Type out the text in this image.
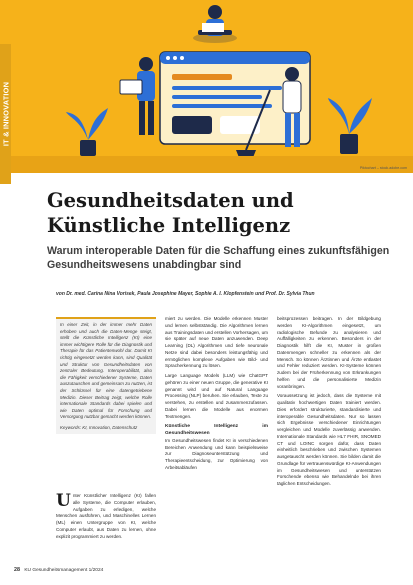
Piktochart – stock.adobe.com
IT & INNOVATION
Gesundheitsdaten und Künstliche Intelligenz
Warum interoperable Daten für die Schaffung eines zukunftsfähigen Gesundheitswesens unabdingbar sind
von Dr. med. Carina Nina Vorisek, Paula Josephine Mayer, Sophie A. I. Klopfenstein und Prof. Dr. Sylvia Thun

In einer Zeit, in der immer mehr Daten erhoben und auch die Daten-Menge steigt, stellt die Künstliche Intelligenz (KI) eine immer wichtigere Rolle für die Diagnostik und Therapie für das Patientenwohl dar. Damit KI richtig eingesetzt werden kann, sind Qualität und Struktur von Gesundheitsdaten von zentraler Bedeutung. Interoperabilität, also die Fähigkeit verschiedener Systeme, Daten auszutauschen und gemeinsam zu nutzen, ist der Schlüssel für eine datengetriebene Medizin. Dieser Beitrag zeigt, welche Rolle internationale Standards dabei spielen und wie Daten optimal für Forschung und Versorgung nutzbar gemacht werden können.

Keywords: KI, Innovation, Datenschutz

Unter Künstlicher Intelligenz (KI) fallen alle Systeme, die Computer erlauben, Aufgaben zu erledigen, welche Menschen ausführen, und Maschinelles Lernen (ML) einen Untergruppe von KI, welche Computer erlaubt, aus Daten zu lernen, ohne explizit programmiert zu werden.

miert zu werden. Die Modelle erkennen Muster und lernen selbstständig. Die Algorithmen lernen aus Trainingsdaten und erstellen Vorhersagen, um sie später auf neue Daten anzuwenden. Deep Learning (DL) Algorithmen und tiefe neuronale Netze sind dabei besonders leistungsfähig und ermöglichen komplexe Aufgaben wie Bild- und Spracherkennung zu lösen.

Large Language Models (LLM) wie ChatGPT gehören zu einer neuen Gruppe, die generative KI genannt wird und auf Natural Language Processing (NLP) beruhen. Sie erlauben, Texte zu verstehen, zu erstellen und zusammenzufassen. Dabei lernen die Modelle aus enormen Textmengen.

Künstliche Intelligenz im Gesundheitswesen

Im Gesundheitswesen findet KI in verschiedenen Bereichen Anwendung und kann beispielsweise zur Diagnoseunterstützung und Therapieentscheidung, zur Optimierung von Arbeitsabläufen

beitsprozessen beitragen. In der Bildgebung werden KI-Algorithmen eingesetzt, um radiologische Befunde zu analysieren und Auffälligkeiten zu erkennen. Besonders in der Diagnostik hilft die KI, Muster in großen Datenmengen schneller zu erkennen als der Mensch. So können Ärztinnen und Ärzte entlastet und Fehler reduziert werden. KI-Systeme können zudem bei der Früherkennung von Erkrankungen helfen und die personalisierte Medizin voranbringen.

Voraussetzung ist jedoch, dass die Systeme mit qualitativ hochwertigen Daten trainiert werden. Dies erfordert strukturierte, standardisierte und interoperable Gesundheitsdaten. Nur so lassen sich Ergebnisse verschiedener Einrichtungen vergleichen und Modelle zuverlässig anwenden. Internationale Standards wie HL7 FHIR, SNOMED CT und LOINC sorgen dafür, dass Daten einheitlich beschrieben und zwischen Systemen ausgetauscht werden können. Sie bilden damit die Grundlage für vertrauenswürdige KI-Anwendungen im Gesundheitswesen und unterstützen Forschende ebenso wie Behandelnde bei ihren täglichen Entscheidungen.

28 KU Gesundheitsmanagement 1/2024
